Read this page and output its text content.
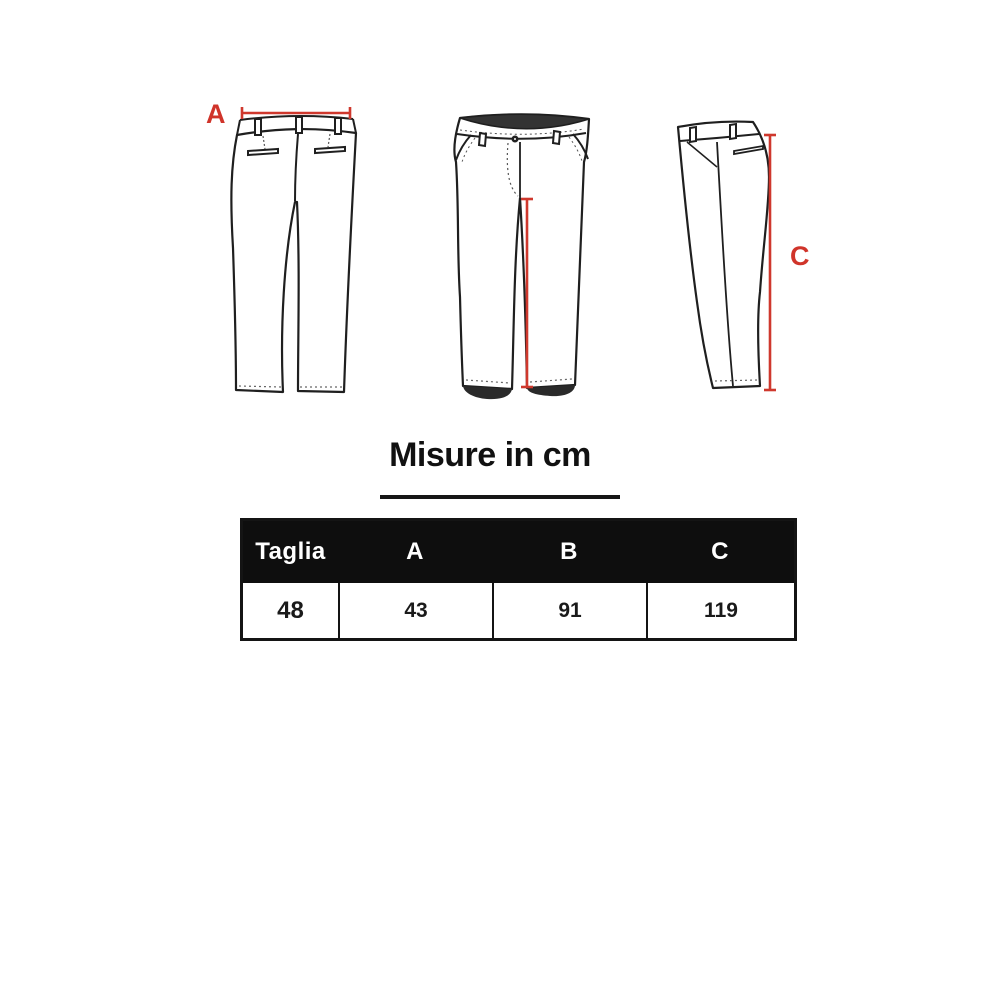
A
C
Misure in cm
Taglia	A	B	C
48	43	91	119
